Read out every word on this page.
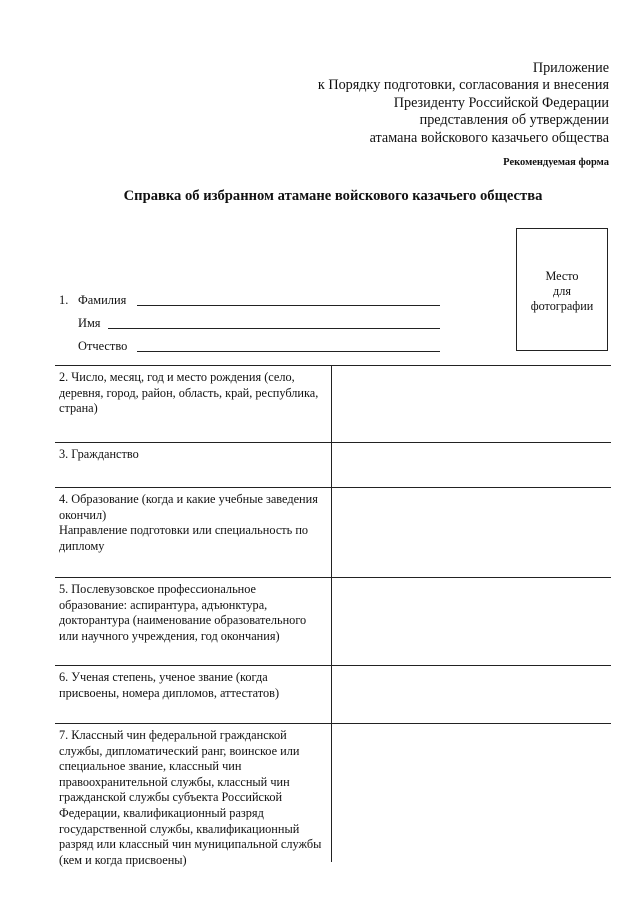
Приложение
к Порядку подготовки, согласования и внесения
Президенту Российской Федерации
представления об утверждении
атамана войскового казачьего общества
Рекомендуемая форма
Справка об избранном атамане войскового казачьего общества
Место
для
фотографии
1. Фамилия
Имя
Отчество
2. Число, месяц, год и место рождения (село, деревня, город, район, область, край, республика, страна)
3. Гражданство
4. Образование (когда и какие учебные заведения окончил)
Направление подготовки или специальность по диплому
5. Послевузовское профессиональное образование: аспирантура, адъюнктура, докторантура (наименование образовательного или научного учреждения, год окончания)
6. Ученая степень, ученое звание (когда присвоены, номера дипломов, аттестатов)
7. Классный чин федеральной гражданской службы, дипломатический ранг, воинское или специальное звание, классный чин правоохранительной службы, классный чин гражданской службы субъекта Российской Федерации, квалификационный разряд государственной службы, квалификационный разряд или классный чин муниципальной службы (кем и когда присвоены)
